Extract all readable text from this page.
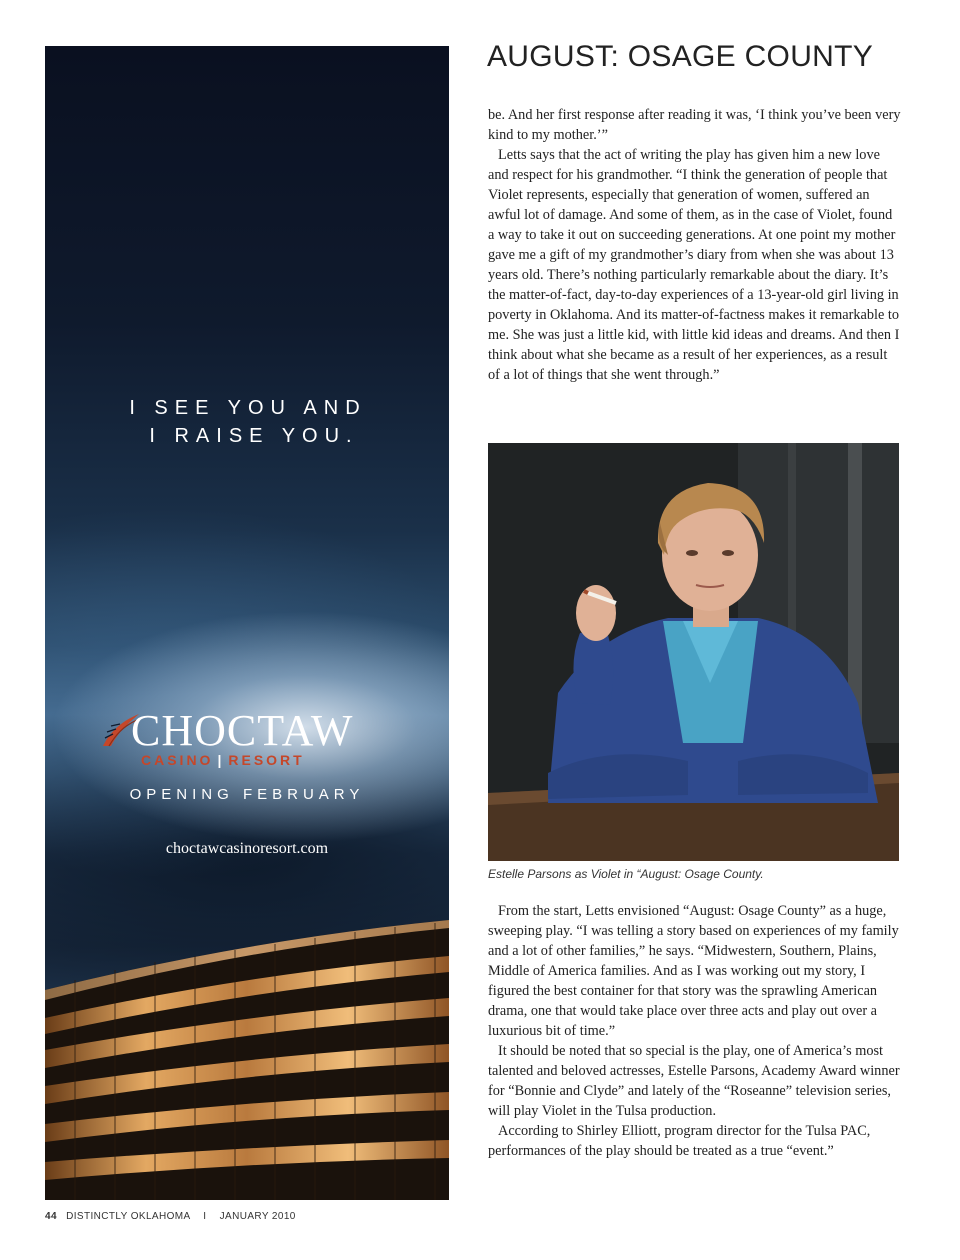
I SEE YOU AND
I RAISE YOU.
CHOCTAW
CASINO | RESORT
OPENING FEBRUARY
choctawcasinoresort.com
AUGUST: OSAGE COUNTY

be. And her first response after reading it was, ‘I think you’ve been very kind to my mother.’”

Letts says that the act of writing the play has given him a new love and respect for his grandmother. “I think the generation of people that Violet represents, especially that generation of women, suffered an awful lot of damage. And some of them, as in the case of Violet, found a way to take it out on succeeding generations. At one point my mother gave me a gift of my grandmother’s diary from when she was about 13 years old. There’s nothing particularly remarkable about the diary. It’s the matter-of-fact, day-to-day experiences of a 13-year-old girl living in poverty in Oklahoma. And its matter-of-factness makes it remarkable to me. She was just a little kid, with little kid ideas and dreams. And then I think about what she became as a result of her experiences, as a result of a lot of things that she went through.”

Estelle Parsons as Violet in “August: Osage County.

From the start, Letts envisioned “August: Osage County” as a huge, sweeping play. “I was telling a story based on experiences of my family and a lot of other families,” he says. “Midwestern, Southern, Plains, Middle of America families. And as I was working out my story, I figured the best container for that story was the sprawling American drama, one that would take place over three acts and play out over a luxurious bit of time.”

It should be noted that so special is the play, one of America’s most talented and beloved actresses, Estelle Parsons, Academy Award winner for “Bonnie and Clyde” and lately of the “Roseanne” television series, will play Violet in the Tulsa production.

According to Shirley Elliott, program director for the Tulsa PAC, performances of the play should be treated as a true “event.”

44 DISTINCTLY OKLAHOMA I JANUARY 2010
